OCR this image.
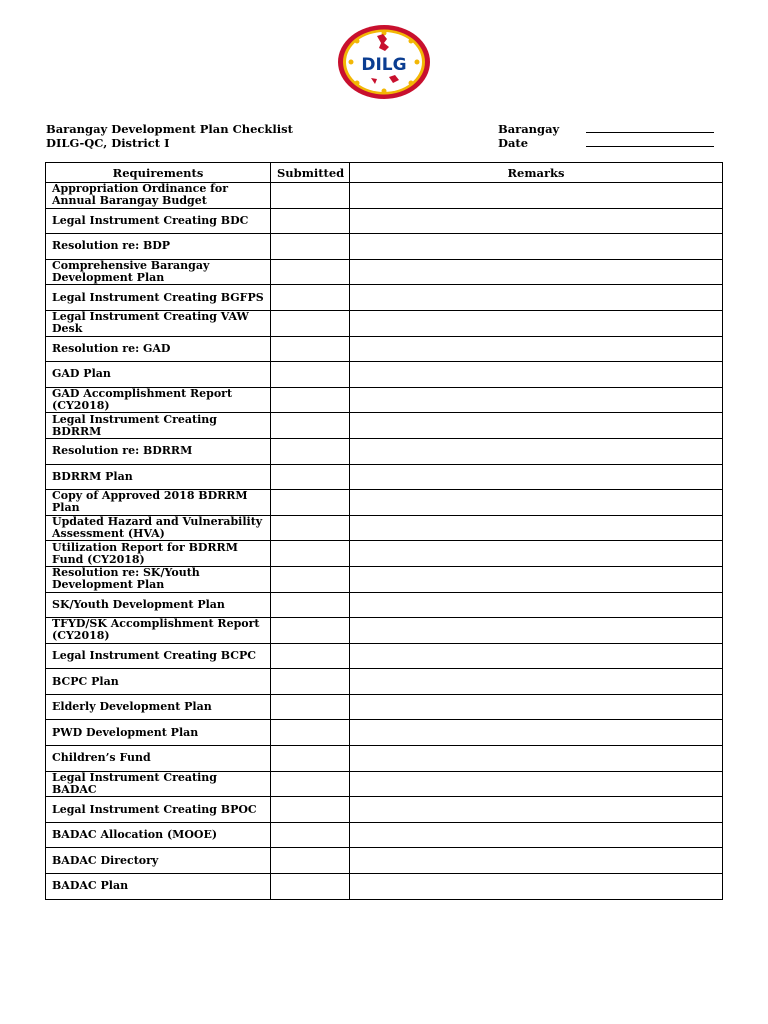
DILG
Barangay Development Plan Checklist
DILG-QC, District I
Barangay
Date
Requirements	Submitted	Remarks
Appropriation Ordinance for Annual Barangay Budget		
Legal Instrument Creating BDC		
Resolution re: BDP		
Comprehensive Barangay Development Plan		
Legal Instrument Creating BGFPS		
Legal Instrument Creating VAW Desk		
Resolution re: GAD		
GAD Plan		
GAD Accomplishment Report (CY2018)		
Legal Instrument Creating BDRRM		
Resolution re: BDRRM		
BDRRM Plan		
Copy of Approved 2018 BDRRM Plan		
Updated Hazard and Vulnerability Assessment (HVA)		
Utilization Report for BDRRM Fund (CY2018)		
Resolution re: SK/Youth Development Plan		
SK/Youth Development Plan		
TFYD/SK Accomplishment Report (CY2018)		
Legal Instrument Creating BCPC		
BCPC Plan		
Elderly Development Plan		
PWD Development Plan		
Children’s Fund		
Legal Instrument Creating BADAC		
Legal Instrument Creating BPOC		
BADAC Allocation (MOOE)		
BADAC Directory		
BADAC Plan		
